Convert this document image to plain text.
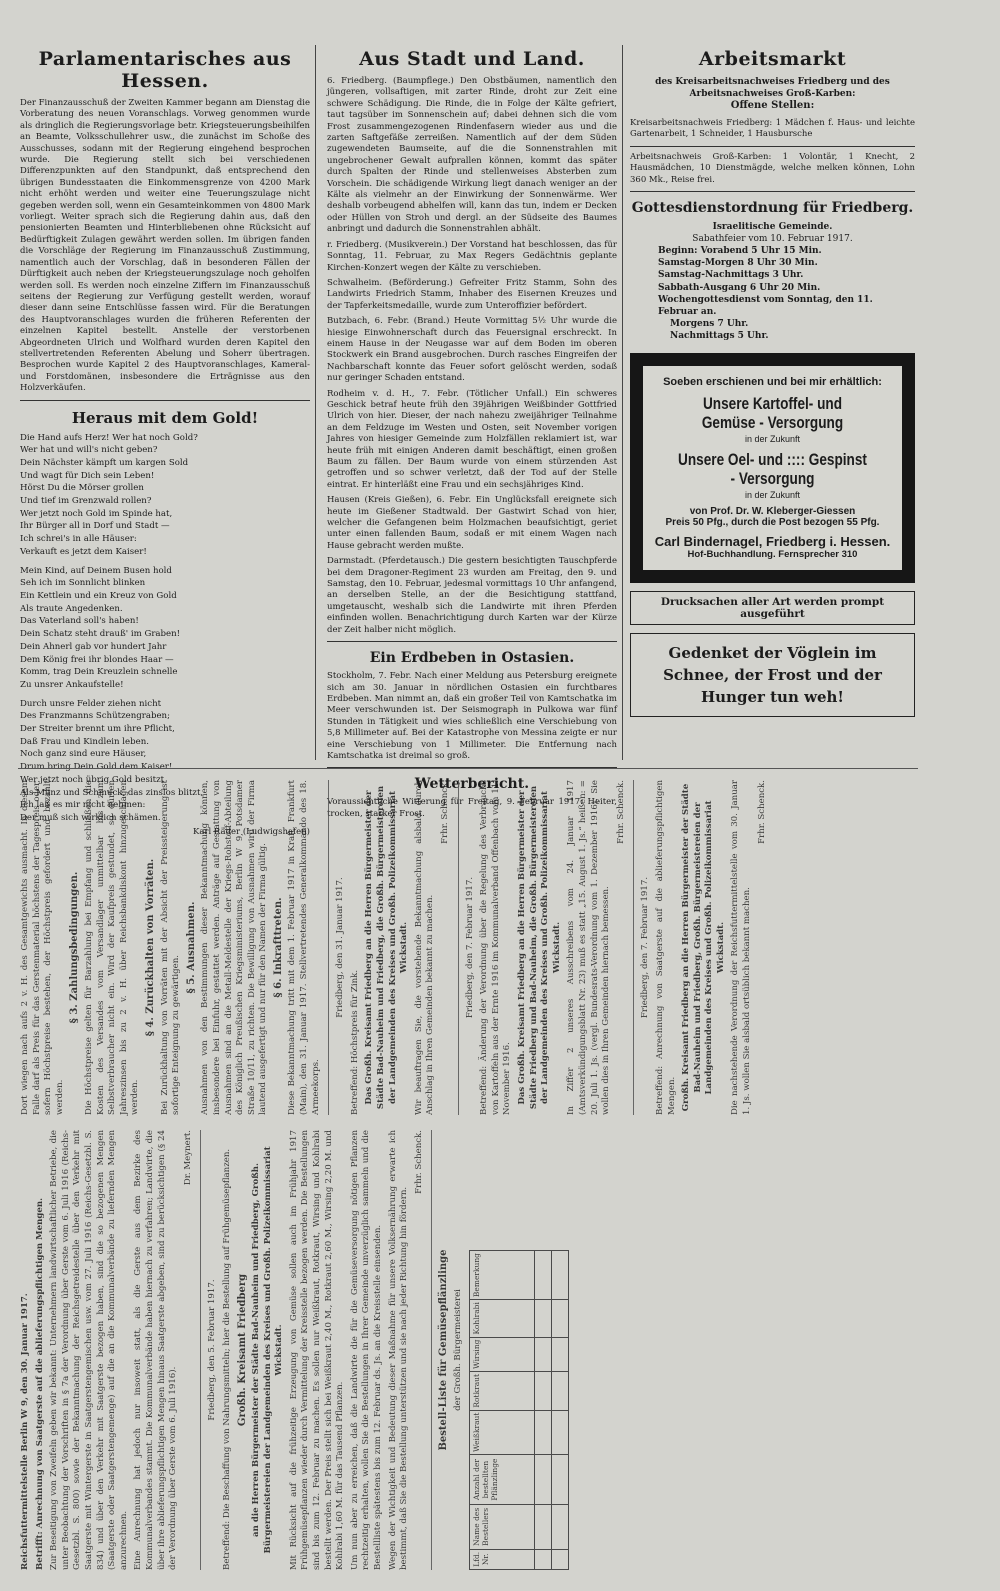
Parlamentarisches aus Hessen.

Der Finanzausschuß der Zweiten Kammer begann am Dienstag die Vorberatung des neuen Voranschlags. Vorweg genommen wurde als dringlich die Regierungsvorlage betr. Kriegsteuerungsbeihilfen an Beamte, Volksschullehrer usw., die zunächst im Schoße des Ausschusses, sodann mit der Regierung eingehend besprochen wurde. Die Regierung stellt sich bei verschiedenen Differenzpunkten auf den Standpunkt, daß entsprechend den übrigen Bundesstaaten die Einkommensgrenze von 4200 Mark nicht erhöht werden und weiter eine Teuerungszulage nicht gegeben werden soll, wenn ein Gesamteinkommen von 4800 Mark vorliegt. Weiter sprach sich die Regierung dahin aus, daß den pensionierten Beamten und Hinterbliebenen ohne Rücksicht auf Bedürftigkeit Zulagen gewährt werden sollen. Im übrigen fanden die Vorschläge der Regierung im Finanzausschuß Zustimmung, namentlich auch der Vorschlag, daß in besonderen Fällen der Dürftigkeit auch neben der Kriegsteuerungszulage noch geholfen werden soll. Es werden noch einzelne Ziffern im Finanzausschuß seitens der Regierung zur Verfügung gestellt werden, worauf dieser dann seine Entschlüsse fassen wird. Für die Beratungen des Hauptvoranschlages wurden die früheren Referenten der einzelnen Kapitel bestellt. Anstelle der verstorbenen Abgeordneten Ulrich und Wolfhard wurden deren Kapitel den stellvertretenden Referenten Abelung und Soherr übertragen. Besprochen wurde Kapitel 2 des Hauptvoranschlages, Kameral- und Forstdomänen, insbesondere die Erträgnisse aus den Holzverkäufen.

Heraus mit dem Gold!

Die Hand aufs Herz! Wer hat noch Gold?

Wer hat und will's nicht geben?

Dein Nächster kämpft um kargen Sold

Und wagt für Dich sein Leben!

Hörst Du die Mörser grollen

Und tief im Grenzwald rollen?

Wer jetzt noch Gold im Spinde hat,

Ihr Bürger all in Dorf und Stadt —

Ich schrei's in alle Häuser:

Verkauft es jetzt dem Kaiser!

Mein Kind, auf Deinem Busen hold

Seh ich im Sonnlicht blinken

Ein Kettlein und ein Kreuz von Gold

Als traute Angedenken.

Das Vaterland soll's haben!

Dein Schatz steht drauß' im Graben!

Dein Ahnerl gab vor hundert Jahr

Dem König frei ihr blondes Haar —

Komm, trag Dein Kreuzlein schnelle

Zu unsrer Ankaufstelle!

Durch unsre Felder ziehen nicht

Des Franzmanns Schützengraben;

Der Streiter brennt um ihre Pflicht,

Daß Frau und Kindlein leben.

Noch ganz sind eure Häuser,

Drum bring Dein Gold dem Kaiser!

Wer jetzt noch übrig Gold besitzt

Als Münz und Schmuck, das zinslos blitzt,

Ich laß es mir nicht nehmen:

Der muß sich wirklich schämen.

Karl Räder (Ludwigshafen)
Aus Stadt und Land.

6. Friedberg. (Baumpflege.) Den Obstbäumen, namentlich den jüngeren, vollsaftigen, mit zarter Rinde, droht zur Zeit eine schwere Schädigung. Die Rinde, die in Folge der Kälte gefriert, taut tagsüber im Sonnenschein auf; dabei dehnen sich die vom Frost zusammengezogenen Rindenfasern wieder aus und die zarten Saftgefäße zerreißen. Namentlich auf der dem Süden zugewendeten Baumseite, auf die die Sonnenstrahlen mit ungebrochener Gewalt aufprallen können, kommt das später durch Spalten der Rinde und stellenweises Absterben zum Vorschein. Die schädigende Wirkung liegt danach weniger an der Kälte als vielmehr an der Einwirkung der Sonnenwärme. Wer deshalb vorbeugend abhelfen will, kann das tun, indem er Decken oder Hüllen von Stroh und dergl. an der Südseite des Baumes anbringt und dadurch die Sonnenstrahlen abhält.

r. Friedberg. (Musikverein.) Der Vorstand hat beschlossen, das für Sonntag, 11. Februar, zu Max Regers Gedächtnis geplante Kirchen-Konzert wegen der Kälte zu verschieben.

Schwalheim. (Beförderung.) Gefreiter Fritz Stamm, Sohn des Landwirts Friedrich Stamm, Inhaber des Eisernen Kreuzes und der Tapferkeitsmedaille, wurde zum Unteroffizier befördert.

Butzbach, 6. Febr. (Brand.) Heute Vormittag 5½ Uhr wurde die hiesige Einwohnerschaft durch das Feuersignal erschreckt. In einem Hause in der Neugasse war auf dem Boden im oberen Stockwerk ein Brand ausgebrochen. Durch rasches Eingreifen der Nachbarschaft konnte das Feuer sofort gelöscht werden, sodaß nur geringer Schaden entstand.

Rodheim v. d. H., 7. Febr. (Tötlicher Unfall.) Ein schweres Geschick betraf heute früh den 39jährigen Weißbinder Gottfried Ulrich von hier. Dieser, der nach nahezu zweijähriger Teilnahme an dem Feldzuge im Westen und Osten, seit November vorigen Jahres von hiesiger Gemeinde zum Holzfällen reklamiert ist, war heute früh mit einigen Anderen damit beschäftigt, einen großen Baum zu fällen. Der Baum wurde von einem stürzenden Ast getroffen und so schwer verletzt, daß der Tod auf der Stelle eintrat. Er hinterläßt eine Frau und ein sechsjähriges Kind.

Hausen (Kreis Gießen), 6. Febr. Ein Unglücksfall ereignete sich heute im Gießener Stadtwald. Der Gastwirt Schad von hier, welcher die Gefangenen beim Holzmachen beaufsichtigt, geriet unter einen fallenden Baum, sodaß er mit einem Wagen nach Hause gebracht werden mußte.

Darmstadt. (Pferdetausch.) Die gestern besichtigten Tauschpferde bei dem Dragoner-Regiment 23 wurden am Freitag, den 9. und Samstag, den 10. Februar, jedesmal vormittags 10 Uhr anfangend, an derselben Stelle, an der die Besichtigung stattfand, umgetauscht, weshalb sich die Landwirte mit ihren Pferden einfinden wollen. Benachrichtigung durch Karten war der Kürze der Zeit halber nicht möglich.

Ein Erdbeben in Ostasien.

Stockholm, 7. Febr. Nach einer Meldung aus Petersburg ereignete sich am 30. Januar in nördlichen Ostasien ein furchtbares Erdbeben. Man nimmt an, daß ein großer Teil von Kamtschatka im Meer verschwunden ist. Der Seismograph in Pulkowa war fünf Stunden in Tätigkeit und wies schließlich eine Verschiebung von 5,8 Millimeter auf. Bei der Katastrophe von Messina zeigte er nur eine Verschiebung von 1 Millimeter. Die Entfernung nach Kamtschatka ist dreimal so groß.

Wetterbericht.

Voraussichtliche Witterung für Freitag, 9. Februar 1917: Heiter, trocken, starker Frost.

Arbeitsmarkt
des Kreisarbeitsnachweises Friedberg und des Arbeitsnachweises Groß-Karben:
Offene Stellen:

Kreisarbeitsnachweis Friedberg: 1 Mädchen f. Haus- und leichte Gartenarbeit, 1 Schneider, 1 Hausbursche

Arbeitsnachweis Groß-Karben: 1 Volontär, 1 Knecht, 2 Hausmädchen, 10 Dienstmägde, welche melken können, Lohn 360 Mk., Reise frei.

Gottesdienstordnung für Friedberg.
Israelitische Gemeinde.
Sabathfeier vom 10. Februar 1917.
Beginn: Vorabend 5 Uhr 15 Min.
Samstag-Morgen 8 Uhr 30 Min.
Samstag-Nachmittags 3 Uhr.
Sabbath-Ausgang 6 Uhr 20 Min.
Wochengottesdienst vom Sonntag, den 11. Februar an.
Morgens 7 Uhr.
Nachmittags 5 Uhr.
Soeben erschienen und bei mir erhältlich:
Unsere Kartoffel- und Gemüse - Versorgung
in der Zukunft
Unsere Oel- und :::: Gespinst - Versorgung
in der Zukunft
von Prof. Dr. W. Kleberger-Giessen
Preis 50 Pfg., durch die Post bezogen 55 Pfg.
Carl Bindernagel, Friedberg i. Hessen.
Hof-Buchhandlung. Fernsprecher 310
Drucksachen aller Art werden prompt ausgeführt
Gedenket der Vöglein im Schnee, der Frost und der Hunger tun weh!

Reichsfuttermittelstelle Berlin W 9, den 30. Januar 1917. Betrifft: Anrechnung von Saatgerste auf die ablieferungspflichtigen Mengen. Zur Beseitigung von Zweifeln geben wir bekannt: Unternehmern landwirtschaftlicher Betriebe, die unter Beobachtung der Vorschriften in § 7a der Verordnung über Gerste vom 6. Juli 1916 (Reichs-Gesetzbl. S. 800) sowie der Bekanntmachung der Reichsgetreidestelle über den Verkehr mit Saatgerste mit Wintergerste in Saatgerstengemischen usw. vom 27. Juli 1916 (Reichs-Gesetzbl. S. 834) und über den Verkehr mit Saatgerste bezogen haben, sind die so bezogenen Mengen (Saatgerste oder Saatgerstengemenge) auf die an die Kommunalverbände zu liefernden Mengen anzurechnen. Eine Anrechnung hat jedoch nur insoweit statt, als die Gerste aus dem Bezirke des Kommunalverbandes stammt. Die Kommunalverbände haben hiernach zu verfahren; Landwirte, die über ihre ablieferungspflichtigen Mengen hinaus Saatgerste abgeben, sind zu berücksichtigen (§ 24 der Verordnung über Gerste vom 6. Juli 1916).

Dr. Meynert.

Friedberg, den 5. Februar 1917. Betreffend: Die Beschaffung von Nahrungsmitteln; hier die Bestellung auf Frühgemüsepflanzen. Großh. Kreisamt Friedberg an die Herren Bürgermeister der Städte Bad-Nauheim und Friedberg, Großh. Bürgermeistereien der Landgemeinden des Kreises und Großh. Polizeikommissariat Wickstadt. Mit Rücksicht auf die frühzeitige Erzeugung von Gemüse sollen auch im Frühjahr 1917 Frühgemüsepflanzen wieder durch Vermittelung der Kreisstelle bezogen werden. Die Bestellungen sind bis zum 12. Februar zu machen. Es sollen nur Weißkraut, Rotkraut, Wirsing und Kohlrabi bestellt werden. Der Preis stellt sich bei Weißkraut 2,40 M., Rotkraut 2,60 M., Wirsing 2,20 M. und Kohlrabi 1,60 M. für das Tausend Pflanzen. Um nun aber zu erreichen, daß die Landwirte die für die Gemüseversorgung nötigen Pflanzen rechtzeitig erhalten, wollen Sie die Bestellungen in Ihrer Gemeinde unverzüglich sammeln und die Bestellliste spätestens bis zum 12. Februar ds. Js. an die Kreisstelle einsenden. Wegen der Wichtigkeit und Bedeutung dieser Maßnahme für unsere Volksernährung erwarte ich bestimmt, daß Sie die Bestellung unterstützen und sie nach jeder Richtung hin fördern.

Frhr. Schenck.

Bestell-Liste für Gemüsepflänzlinge der Großh. Bürgermeisterei

Lfd. Nr.	Name des Bestellers	Anzahl der bestellten Pflänzlinge	Weißkraut	Rotkraut	Wirsing	Kohlrabi	Bemerkung

Dort wiegen nach aufs 2 v. H. des Gesamtgewichts ausmacht. In diesem Falle darf als Preis für das Gerstenmaterial höchstens der Tagespreis oder, sofern Höchstpreise bestehen, der Höchstpreis gefordert und bezahlt werden.

§ 3. Zahlungsbedingungen. Die Höchstpreise gelten für Barzahlung bei Empfang und schließen die Kosten des Versandes vom Versandlager unmittelbar bis zum Selbstverbraucher nicht ein. Wird der Kaufpreis gestundet, so dürfen Jahreszinsen bis zu 2 v. H. über Reichsbankdiskont hinzugeschlagen werden.

§ 4. Zurückhalten von Vorräten. Bei Zurückhaltung von Vorräten mit der Absicht der Preissteigerung ist sofortige Enteignung zu gewärtigen.

§ 5. Ausnahmen. Ausnahmen von den Bestimmungen dieser Bekanntmachung können, insbesondere bei Einfuhr, gestattet werden. Anträge auf Gestattung von Ausnahmen sind an die Metall-Meldestelle der Kriegs-Rohstoff-Abteilung des Königlich Preußischen Kriegsministeriums, Berlin W 9, Potsdamer Straße 10/11, zu richten. Die Bewilligung von Ausnahmen wird der Firma lautend ausgefertigt und nur für den Namen der Firma gültig. § 6. Inkrafttreten. Diese Bekanntmachung tritt mit dem 1. Februar 1917 in Kraft. Frankfurt (Main), den 31. Januar 1917. Stellvertretendes Generalkommando des 18. Armeekorps.

Friedberg, den 31. Januar 1917.

Betreffend: Höchstpreis für Zink. Das Großh. Kreisamt Friedberg an die Herren Bürgermeister der Städte Bad-Nauheim und Friedberg, die Großh. Bürgermeistereien der Landgemeinden des Kreises und Großh. Polizeikommissariat Wickstadt. Wir beauftragen Sie, die vorstehende Bekanntmachung alsbald durch Anschlag in Ihren Gemeinden bekannt zu machen.

Frhr. Schenck.

Friedberg, den 7. Februar 1917. Betreffend: Änderung der Verordnung über die Regelung des Verbrauchs von Kartoffeln aus der Ernte 1916 im Kommunalverband Offenbach vom 11. November 1916. Das Großh. Kreisamt Friedberg an die Herren Bürgermeister der Städte Friedberg und Bad-Nauheim, die Großh. Bürgermeistereien der Landgemeinden des Kreises und Großh. Polizeikommissariat Wickstadt. In Ziffer 2 unseres Ausschreibens vom 24. Januar 1917 (Amtsverkündigungsblatt Nr. 23) muß es statt „15. August 1. Js.“ heißen: = 20. Juli 1. Js. (vergl. Bundesrats-Verordnung vom 1. Dezember 1916). Sie wollen dies in Ihren Gemeinden hiernach bemessen.

Frhr. Schenck.

Friedberg, den 7. Februar 1917. Betreffend: Anrechnung von Saatgerste auf die ablieferungspflichtigen Mengen. Großh. Kreisamt Friedberg an die Herren Bürgermeister der Städte Bad-Nauheim und Friedberg, Großh. Bürgermeistereien der Landgemeinden des Kreises und Großh. Polizeikommissariat Wickstadt. Die nachstehende Verordnung der Reichsfuttermittelstelle vom 30. Januar 1. Js. wollen Sie alsbald ortsüblich bekannt machen.

Frhr. Schenck.
